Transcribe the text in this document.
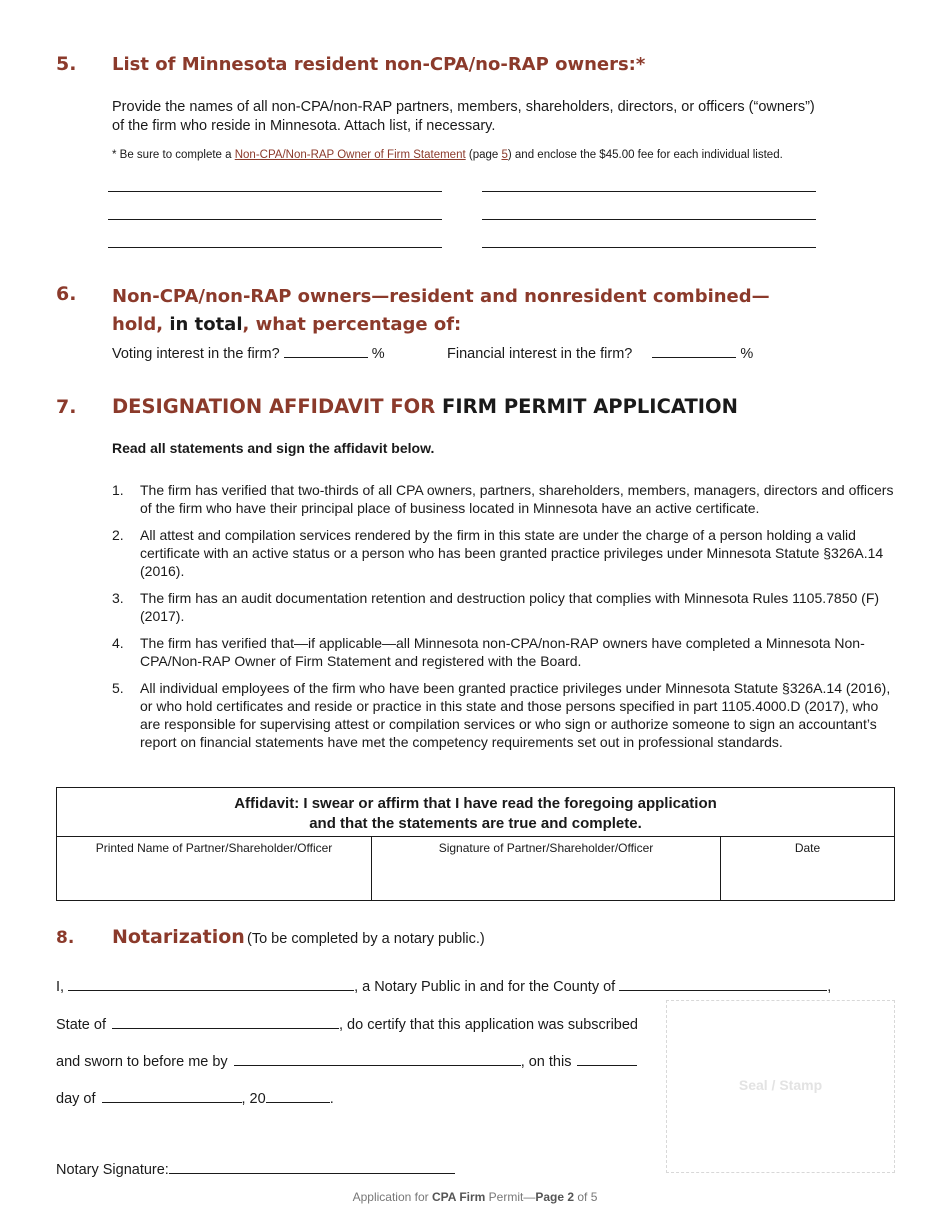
5. List of Minnesota resident non-CPA/no-RAP owners:*
Provide the names of all non-CPA/non-RAP partners, members, shareholders, directors, or officers (“owners”)
of the firm who reside in Minnesota. Attach list, if necessary.
* Be sure to complete a Non-CPA/Non-RAP Owner of Firm Statement (page 5) and enclose the $45.00 fee for each individual listed.
6. Non-CPA/non-RAP owners—resident and nonresident combined—
hold, in total, what percentage of:
Voting interest in the firm?	%	Financial interest in the firm?	%
7. DESIGNATION AFFIDAVIT FOR FIRM PERMIT APPLICATION
Read all statements and sign the affidavit below.
1. The firm has verified that two-thirds of all CPA owners, partners, shareholders, members, managers, directors and officers of the firm who have their principal place of business located in Minnesota have an active certificate.
2. All attest and compilation services rendered by the firm in this state are under the charge of a person holding a valid certificate with an active status or a person who has been granted practice privileges under Minnesota Statute §326A.14 (2016).
3. The firm has an audit documentation retention and destruction policy that complies with Minnesota Rules 1105.7850 (F) (2017).
4. The firm has verified that—if applicable—all Minnesota non-CPA/non-RAP owners have completed a Minnesota Non-CPA/Non-RAP Owner of Firm Statement and registered with the Board.
5. All individual employees of the firm who have been granted practice privileges under Minnesota Statute §326A.14 (2016), or who hold certificates and reside or practice in this state and those persons specified in part 1105.4000.D (2017), who are responsible for supervising attest or compilation services or who sign or authorize someone to sign an accountant’s report on financial statements have met the competency requirements set out in professional standards.
Affidavit: I swear or affirm that I have read the foregoing application
and that the statements are true and complete.

Printed Name of Partner/Shareholder/Officer	Signature of Partner/Shareholder/Officer	Date
8. Notarization (To be completed by a notary public.)
I,	, a Notary Public in and for the County of	,
State of	, do certify that this application was subscribed
and sworn to before me by	, on this
day of	, 20	.
Notary Signature:
Seal / Stamp
Application for CPA Firm Permit—Page 2 of 5
